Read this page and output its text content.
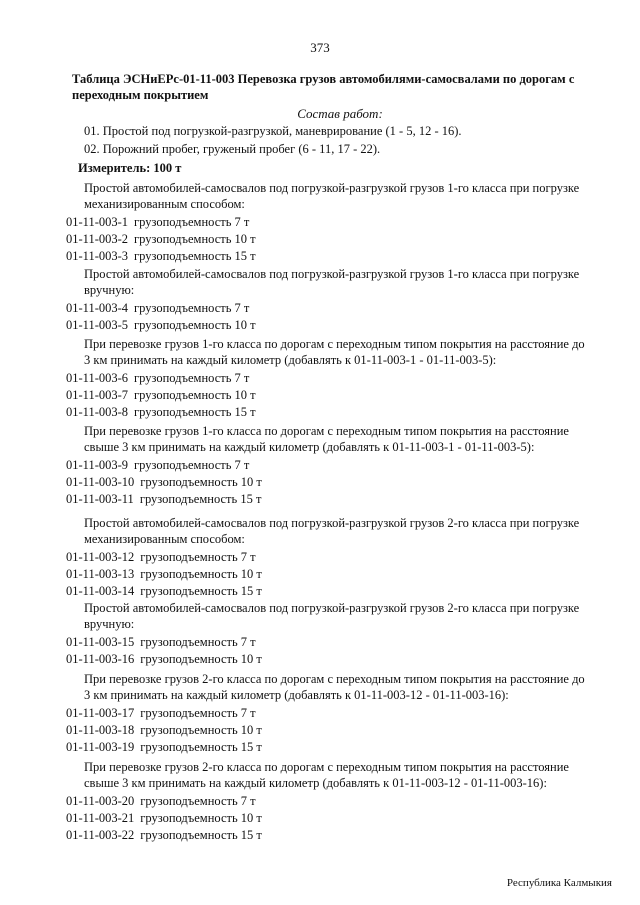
373
Таблица ЭСНиЕРс-01-11-003 Перевозка грузов автомобилями-самосвалами по дорогам с переходным покрытием
Состав работ:
01. Простой под погрузкой-разгрузкой, маневрирование (1 - 5, 12 - 16).
02. Порожний пробег, груженый пробег (6 - 11, 17 - 22).
Измеритель: 100 т
Простой автомобилей-самосвалов под погрузкой-разгрузкой грузов 1-го класса при погрузке
механизированным способом:
01-11-003-1 грузоподъемность 7 т
01-11-003-2 грузоподъемность 10 т
01-11-003-3 грузоподъемность 15 т
Простой автомобилей-самосвалов под погрузкой-разгрузкой грузов 1-го класса при погрузке
вручную:
01-11-003-4 грузоподъемность 7 т
01-11-003-5 грузоподъемность 10 т
При перевозке грузов 1-го класса по дорогам с переходным типом покрытия на расстояние до
3 км принимать на каждый километр (добавлять к 01-11-003-1 - 01-11-003-5):
01-11-003-6 грузоподъемность 7 т
01-11-003-7 грузоподъемность 10 т
01-11-003-8 грузоподъемность 15 т
При перевозке грузов 1-го класса по дорогам с переходным типом покрытия на расстояние
свыше 3 км принимать на каждый километр (добавлять к 01-11-003-1 - 01-11-003-5):
01-11-003-9 грузоподъемность 7 т
01-11-003-10 грузоподъемность 10 т
01-11-003-11 грузоподъемность 15 т
Простой автомобилей-самосвалов под погрузкой-разгрузкой грузов 2-го класса при погрузке
механизированным способом:
01-11-003-12 грузоподъемность 7 т
01-11-003-13 грузоподъемность 10 т
01-11-003-14 грузоподъемность 15 т
Простой автомобилей-самосвалов под погрузкой-разгрузкой грузов 2-го класса при погрузке
вручную:
01-11-003-15 грузоподъемность 7 т
01-11-003-16 грузоподъемность 10 т
При перевозке грузов 2-го класса по дорогам с переходным типом покрытия на расстояние до
3 км принимать на каждый километр (добавлять к 01-11-003-12 - 01-11-003-16):
01-11-003-17 грузоподъемность 7 т
01-11-003-18 грузоподъемность 10 т
01-11-003-19 грузоподъемность 15 т
При перевозке грузов 2-го класса по дорогам с переходным типом покрытия на расстояние
свыше 3 км принимать на каждый километр (добавлять к 01-11-003-12 - 01-11-003-16):
01-11-003-20 грузоподъемность 7 т
01-11-003-21 грузоподъемность 10 т
01-11-003-22 грузоподъемность 15 т
Республика Калмыкия
